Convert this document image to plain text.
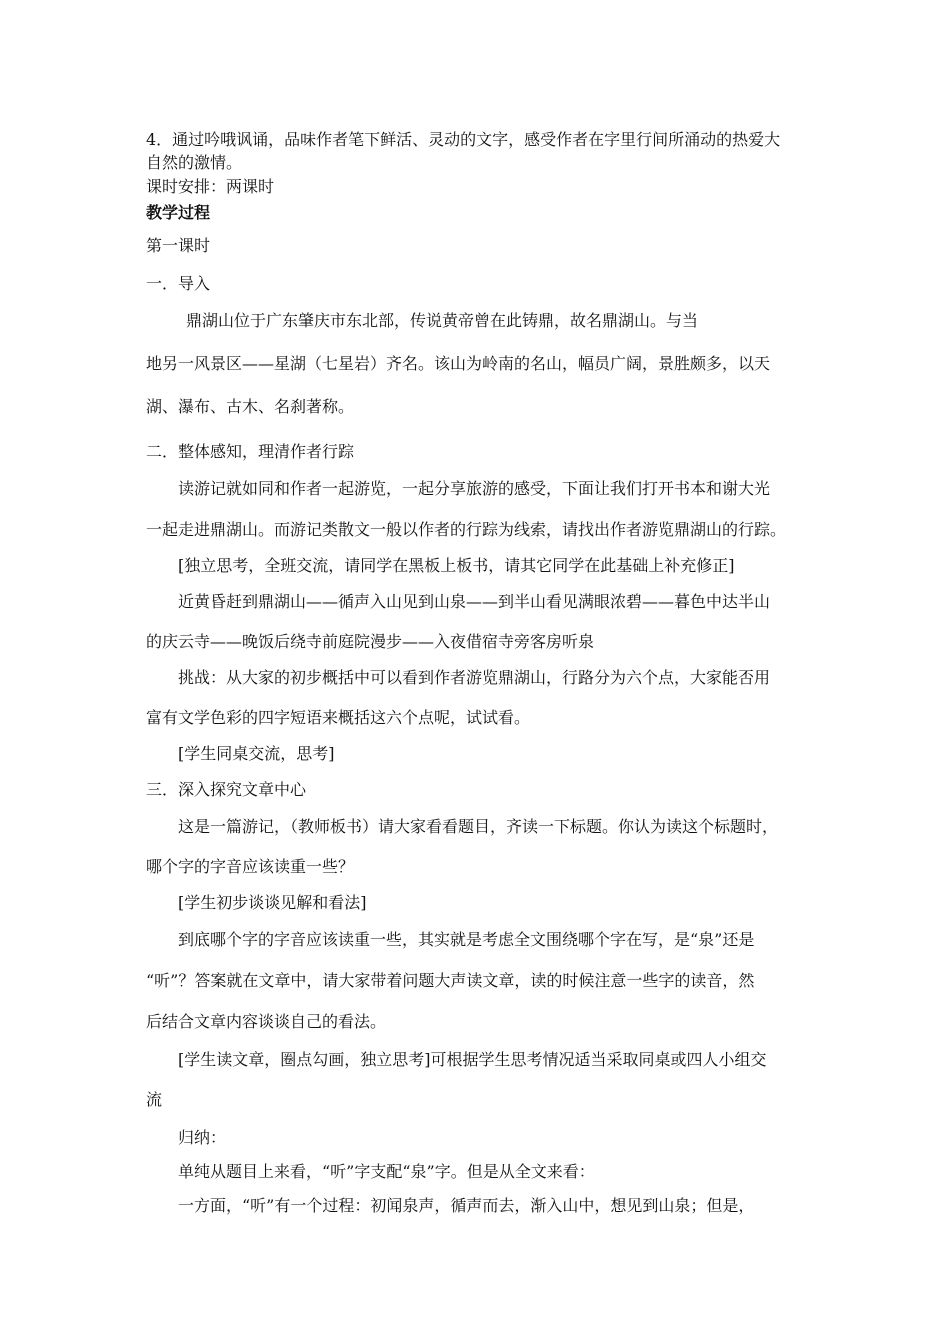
4．通过吟哦讽诵，品味作者笔下鲜活、灵动的文字，感受作者在字里行间所涌动的热爱大
自然的激情。
课时安排：两课时
教学过程
第一课时
一．导入
鼎湖山位于广东肇庆市东北部，传说黄帝曾在此铸鼎，故名鼎湖山。与当
地另一风景区——星湖（七星岩）齐名。该山为岭南的名山，幅员广阔，景胜颇多，以天
湖、瀑布、古木、名刹著称。
二．整体感知，理清作者行踪
读游记就如同和作者一起游览，一起分享旅游的感受，下面让我们打开书本和谢大光
一起走进鼎湖山。而游记类散文一般以作者的行踪为线索，请找出作者游览鼎湖山的行踪。
[独立思考，全班交流，请同学在黑板上板书，请其它同学在此基础上补充修正]
近黄昏赶到鼎湖山——循声入山见到山泉——到半山看见满眼浓碧——暮色中达半山
的庆云寺——晚饭后绕寺前庭院漫步——入夜借宿寺旁客房听泉
挑战：从大家的初步概括中可以看到作者游览鼎湖山，行路分为六个点，大家能否用
富有文学色彩的四字短语来概括这六个点呢，试试看。
[学生同桌交流，思考]
三．深入探究文章中心
这是一篇游记，（教师板书）请大家看看题目，齐读一下标题。你认为读这个标题时，
哪个字的字音应该读重一些？
[学生初步谈谈见解和看法]
到底哪个字的字音应该读重一些，其实就是考虑全文围绕哪个字在写，是“泉”还是
“听”？答案就在文章中，请大家带着问题大声读文章，读的时候注意一些字的读音，然
后结合文章内容谈谈自己的看法。
[学生读文章，圈点勾画，独立思考]可根据学生思考情况适当采取同桌或四人小组交
流
归纳：
单纯从题目上来看，“听”字支配“泉”字。但是从全文来看：
一方面，“听”有一个过程：初闻泉声，循声而去，渐入山中，想见到山泉；但是，
